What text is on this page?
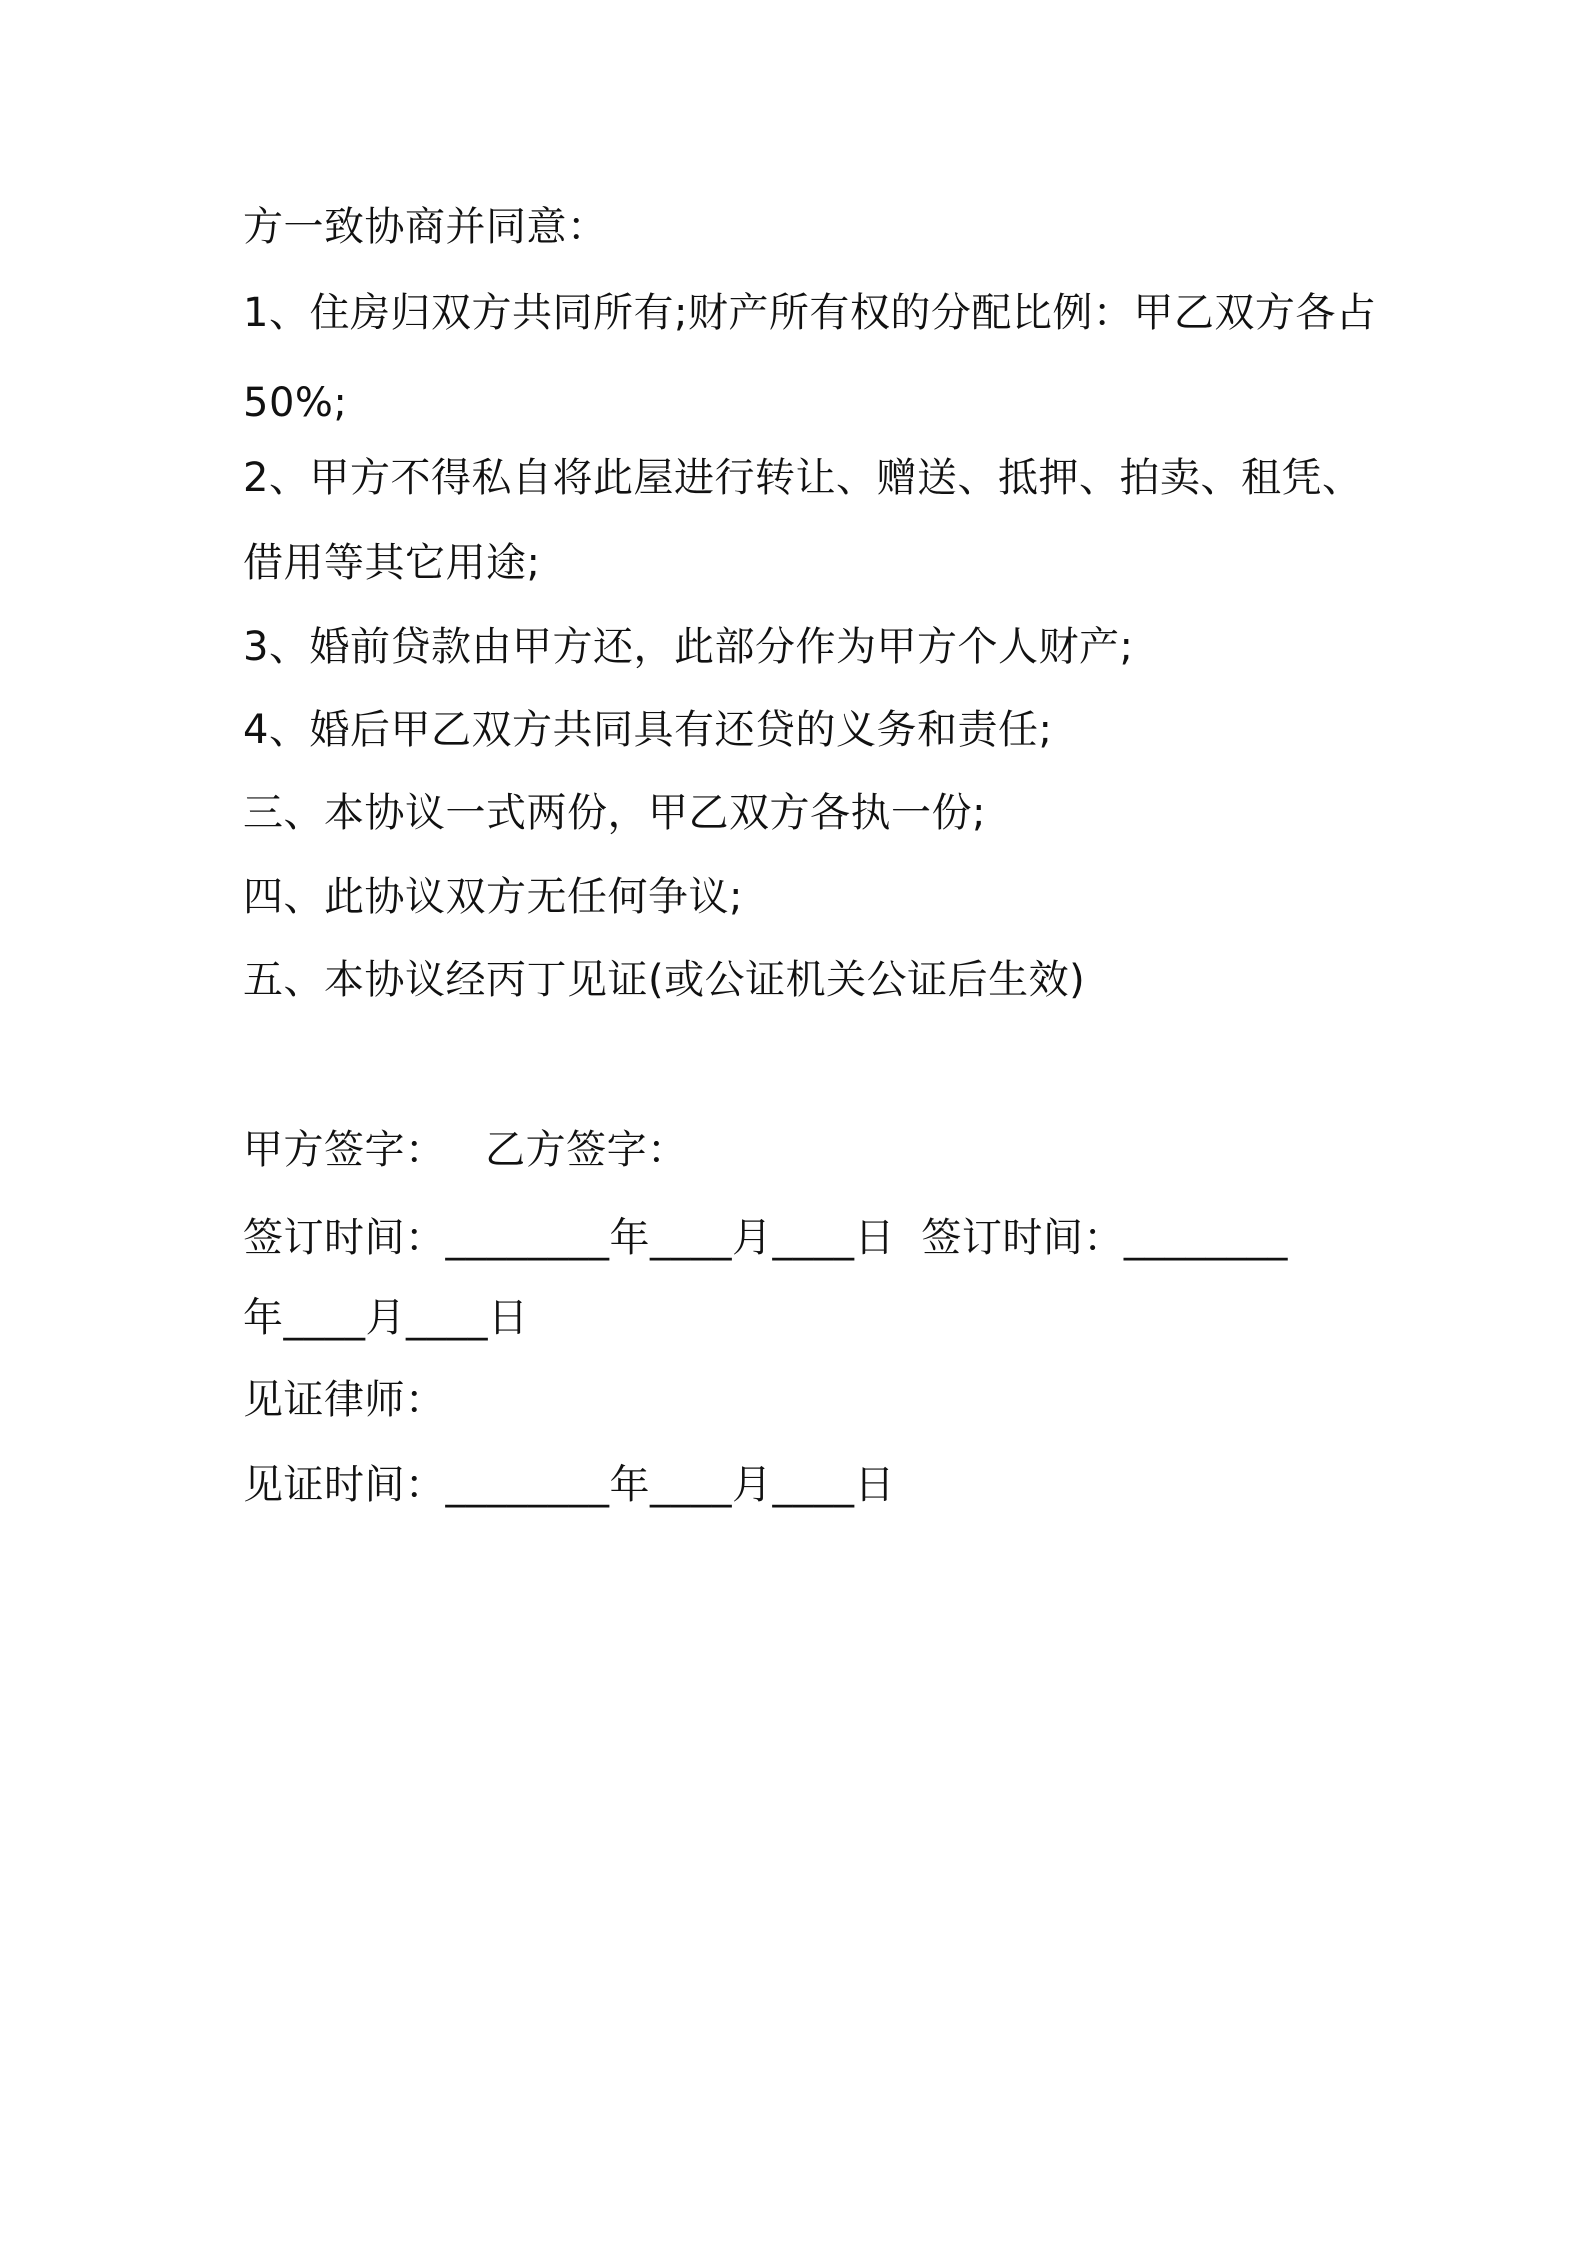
方一致协商并同意：
1、住房归双方共同所有;财产所有权的分配比例：甲乙双方各占
50%;
2、甲方不得私自将此屋进行转让、赠送、抵押、拍卖、租凭、
借用等其它用途;
3、婚前贷款由甲方还，此部分作为甲方个人财产;
4、婚后甲乙双方共同具有还贷的义务和责任;
三、本协议一式两份，甲乙双方各执一份;
四、此协议双方无任何争议;
五、本协议经丙丁见证(或公证机关公证后生效)
甲方签字：   乙方签字：
签订时间：________年____月____日  签订时间：________
年____月____日
见证律师：
见证时间：________年____月____日
